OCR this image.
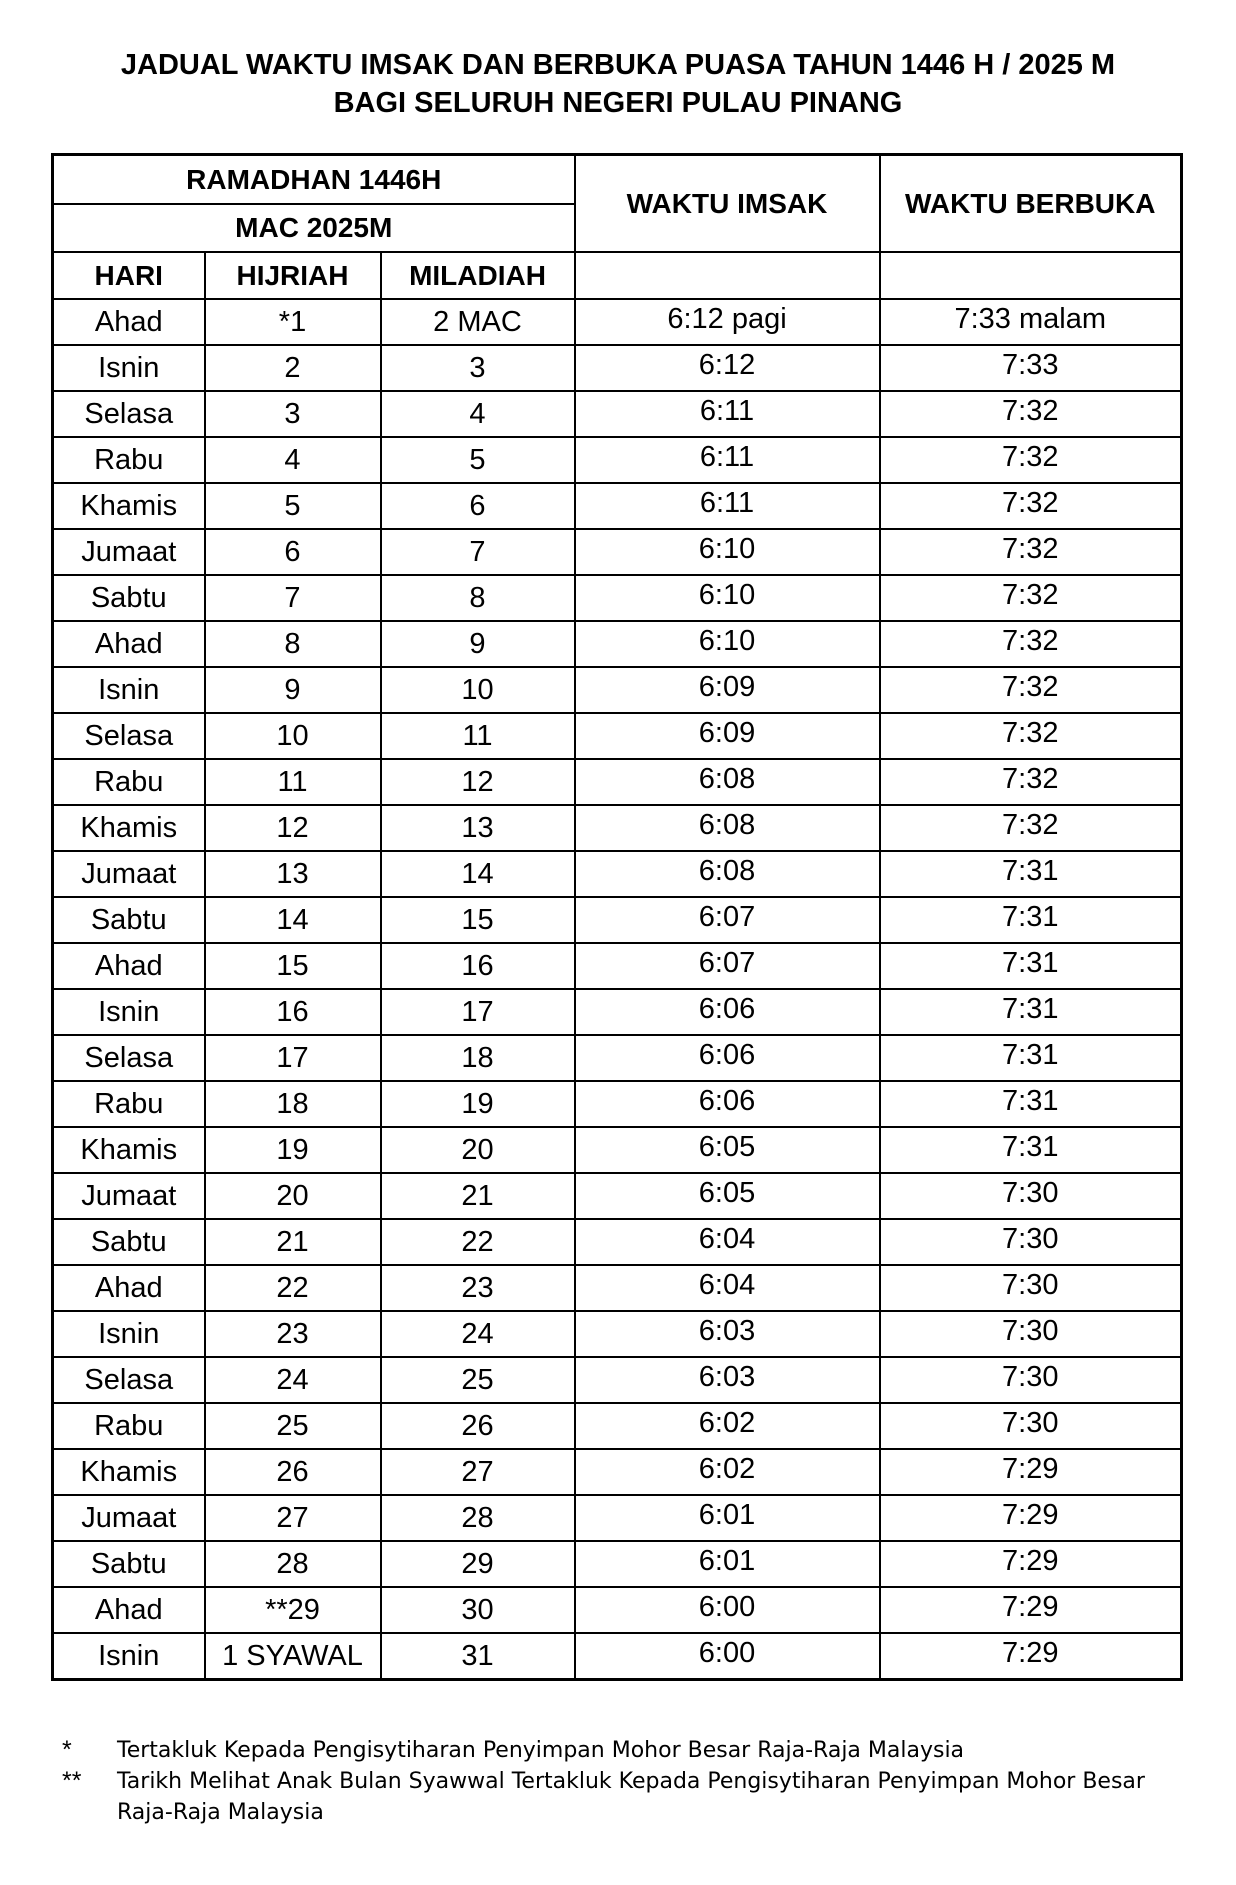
JADUAL WAKTU IMSAK DAN BERBUKA PUASA TAHUN 1446 H / 2025 M
BAGI SELURUH NEGERI PULAU PINANG
RAMADHAN 1446H			WAKTU IMSAK	WAKTU BERBUKA
MAC 2025M				
HARI	HIJRIAH	MILADIAH		
Ahad	*1	2 MAC	6:12 pagi	7:33 malam
Isnin	2	3	6:12	7:33
Selasa	3	4	6:11	7:32
Rabu	4	5	6:11	7:32
Khamis	5	6	6:11	7:32
Jumaat	6	7	6:10	7:32
Sabtu	7	8	6:10	7:32
Ahad	8	9	6:10	7:32
Isnin	9	10	6:09	7:32
Selasa	10	11	6:09	7:32
Rabu	11	12	6:08	7:32
Khamis	12	13	6:08	7:32
Jumaat	13	14	6:08	7:31
Sabtu	14	15	6:07	7:31
Ahad	15	16	6:07	7:31
Isnin	16	17	6:06	7:31
Selasa	17	18	6:06	7:31
Rabu	18	19	6:06	7:31
Khamis	19	20	6:05	7:31
Jumaat	20	21	6:05	7:30
Sabtu	21	22	6:04	7:30
Ahad	22	23	6:04	7:30
Isnin	23	24	6:03	7:30
Selasa	24	25	6:03	7:30
Rabu	25	26	6:02	7:30
Khamis	26	27	6:02	7:29
Jumaat	27	28	6:01	7:29
Sabtu	28	29	6:01	7:29
Ahad	**29	30	6:00	7:29
Isnin	1 SYAWAL	31	6:00	7:29
* Tertakluk Kepada Pengisytiharan Penyimpan Mohor Besar Raja-Raja Malaysia
** Tarikh Melihat Anak Bulan Syawwal Tertakluk Kepada Pengisytiharan Penyimpan Mohor Besar Raja-Raja Malaysia
